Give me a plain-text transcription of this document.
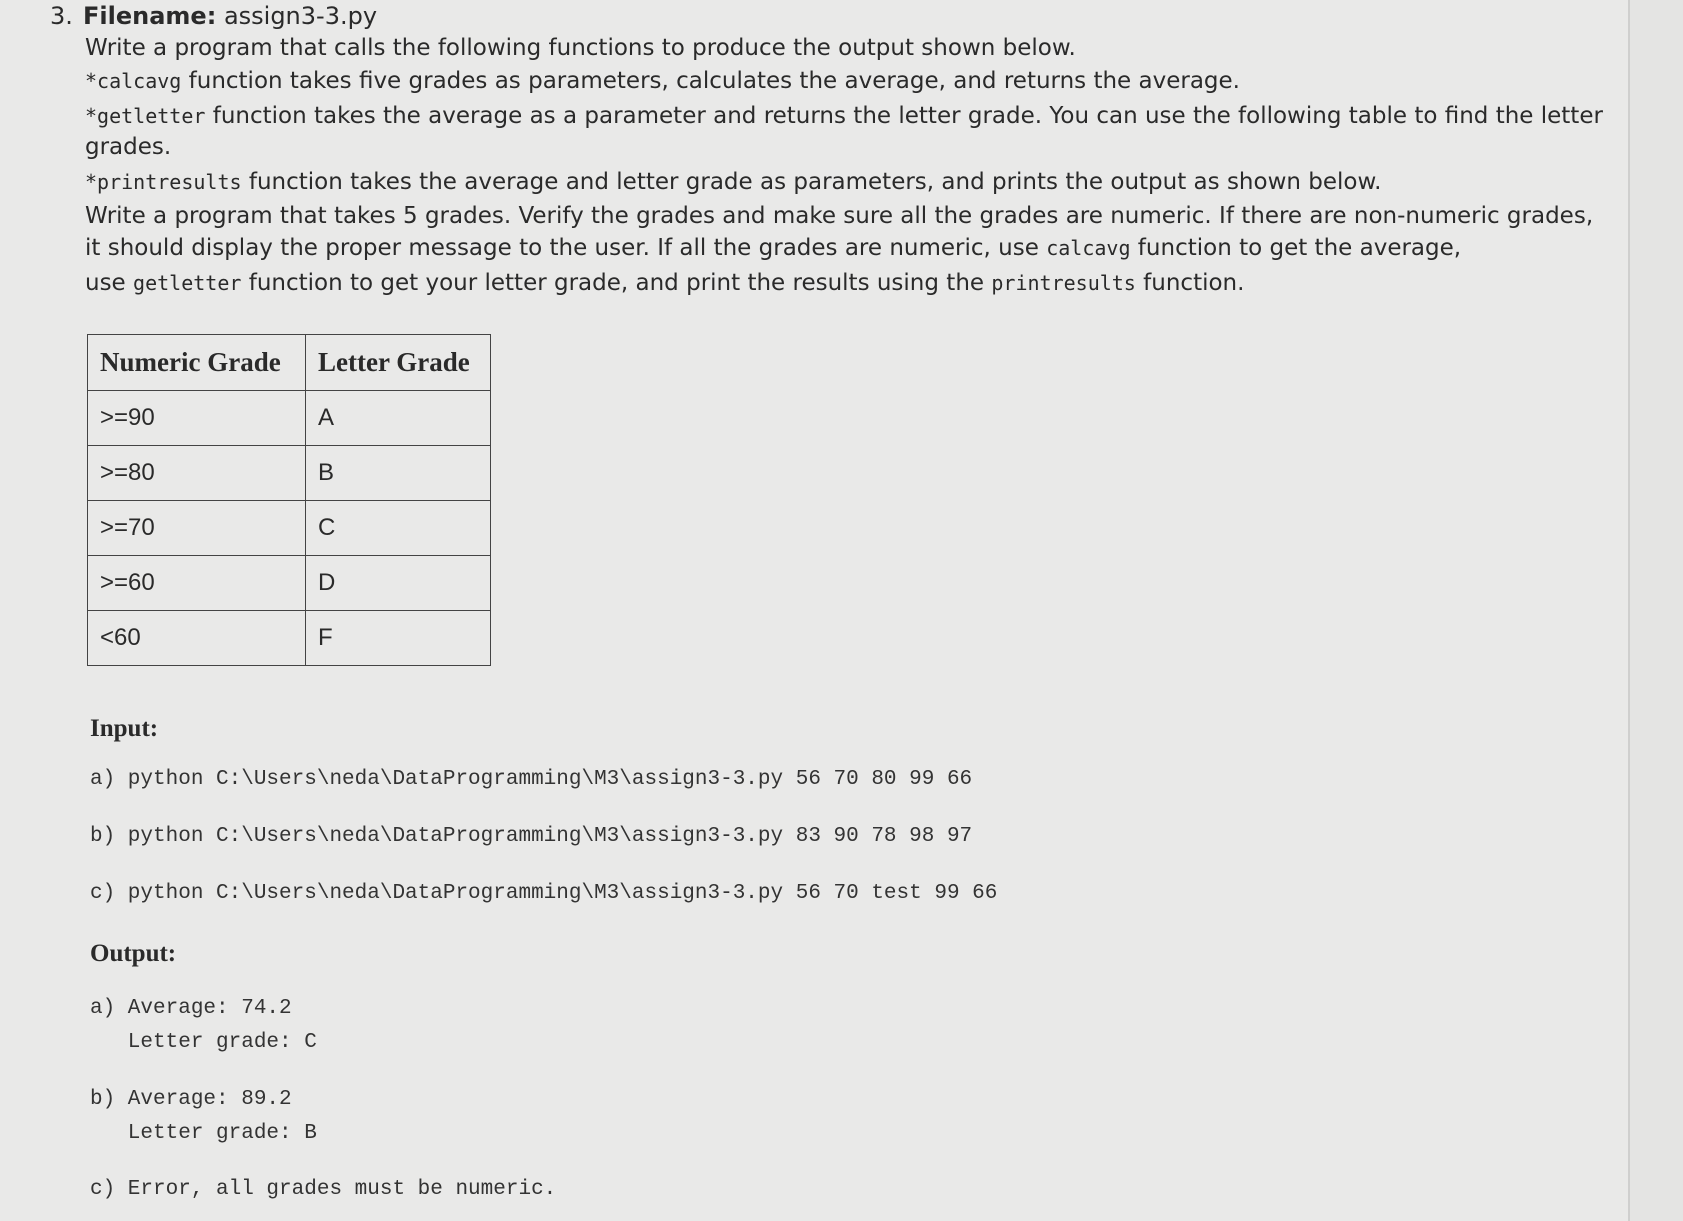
3. Filename: assign3-3.py
Write a program that calls the following functions to produce the output shown below.
*calcavg function takes five grades as parameters, calculates the average, and returns the average.
*getletter function takes the average as a parameter and returns the letter grade. You can use the following table to find the letter
grades.
*printresults function takes the average and letter grade as parameters, and prints the output as shown below.
Write a program that takes 5 grades. Verify the grades and make sure all the grades are numeric. If there are non-numeric grades,
it should display the proper message to the user. If all the grades are numeric, use calcavg function to get the average,
use getletter function to get your letter grade, and print the results using the printresults function.
Numeric Grade	Letter Grade
>=90	A
>=80	B
>=70	C
>=60	D
<60	F
Input:
a) python C:\Users\neda\DataProgramming\M3\assign3-3.py 56 70 80 99 66
b) python C:\Users\neda\DataProgramming\M3\assign3-3.py 83 90 78 98 97
c) python C:\Users\neda\DataProgramming\M3\assign3-3.py 56 70 test 99 66
Output:
a) Average: 74.2
Letter grade: C
b) Average: 89.2
Letter grade: B
c) Error, all grades must be numeric.
